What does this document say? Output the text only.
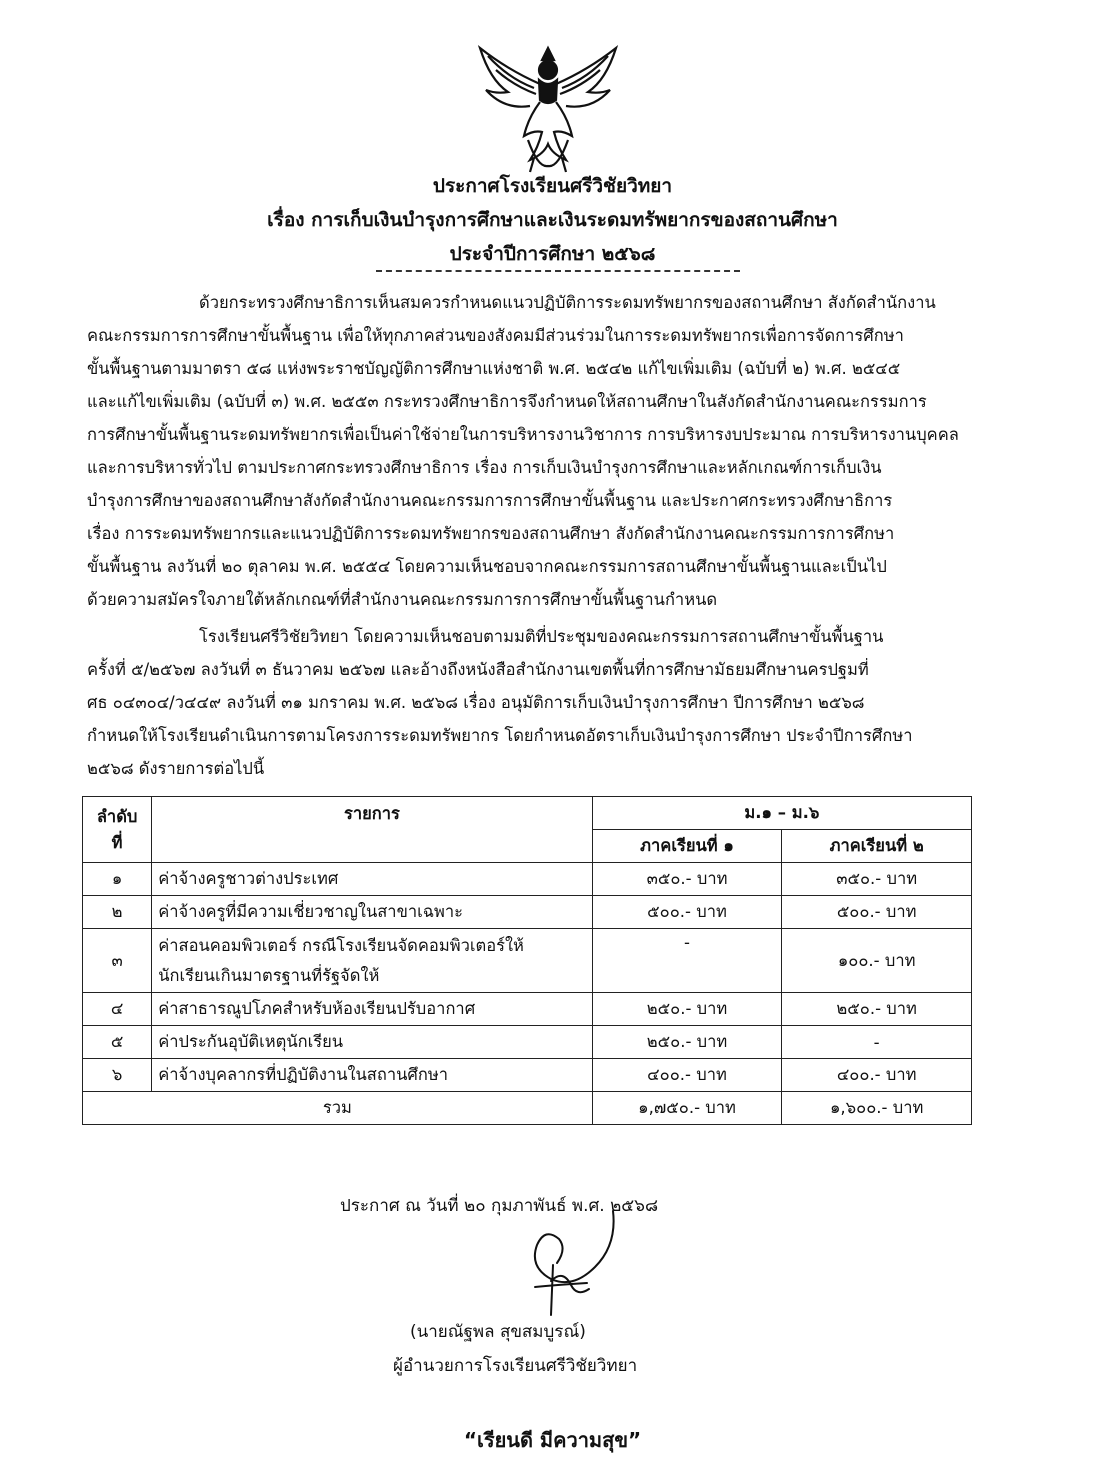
ประกาศโรงเรียนศรีวิชัยวิทยา
เรื่อง การเก็บเงินบำรุงการศึกษาและเงินระดมทรัพยากรของสถานศึกษา
ประจำปีการศึกษา ๒๕๖๘
ด้วยกระทรวงศึกษาธิการเห็นสมควรกำหนดแนวปฏิบัติการระดมทรัพยากรของสถานศึกษา สังกัดสำนักงาน
คณะกรรมการการศึกษาขั้นพื้นฐาน เพื่อให้ทุกภาคส่วนของสังคมมีส่วนร่วมในการระดมทรัพยากรเพื่อการจัดการศึกษา
ขั้นพื้นฐานตามมาตรา ๕๘ แห่งพระราชบัญญัติการศึกษาแห่งชาติ พ.ศ. ๒๕๔๒ แก้ไขเพิ่มเติม (ฉบับที่ ๒) พ.ศ. ๒๕๔๕
และแก้ไขเพิ่มเติม (ฉบับที่ ๓) พ.ศ. ๒๕๕๓ กระทรวงศึกษาธิการจึงกำหนดให้สถานศึกษาในสังกัดสำนักงานคณะกรรมการ
การศึกษาขั้นพื้นฐานระดมทรัพยากรเพื่อเป็นค่าใช้จ่ายในการบริหารงานวิชาการ การบริหารงบประมาณ การบริหารงานบุคคล
และการบริหารทั่วไป ตามประกาศกระทรวงศึกษาธิการ เรื่อง การเก็บเงินบำรุงการศึกษาและหลักเกณฑ์การเก็บเงิน
บำรุงการศึกษาของสถานศึกษาสังกัดสำนักงานคณะกรรมการการศึกษาขั้นพื้นฐาน และประกาศกระทรวงศึกษาธิการ
เรื่อง การระดมทรัพยากรและแนวปฏิบัติการระดมทรัพยากรของสถานศึกษา สังกัดสำนักงานคณะกรรมการการศึกษา
ขั้นพื้นฐาน ลงวันที่ ๒๐ ตุลาคม พ.ศ. ๒๕๕๔ โดยความเห็นชอบจากคณะกรรมการสถานศึกษาขั้นพื้นฐานและเป็นไป
ด้วยความสมัครใจภายใต้หลักเกณฑ์ที่สำนักงานคณะกรรมการการศึกษาขั้นพื้นฐานกำหนด
โรงเรียนศรีวิชัยวิทยา โดยความเห็นชอบตามมติที่ประชุมของคณะกรรมการสถานศึกษาขั้นพื้นฐาน
ครั้งที่ ๕/๒๕๖๗ ลงวันที่ ๓ ธันวาคม ๒๕๖๗ และอ้างถึงหนังสือสำนักงานเขตพื้นที่การศึกษามัธยมศึกษานครปฐมที่
ศธ ๐๔๓๐๔/ว๔๔๙ ลงวันที่ ๓๑ มกราคม พ.ศ. ๒๕๖๘ เรื่อง อนุมัติการเก็บเงินบำรุงการศึกษา ปีการศึกษา ๒๕๖๘
กำหนดให้โรงเรียนดำเนินการตามโครงการระดมทรัพยากร โดยกำหนดอัตราเก็บเงินบำรุงการศึกษา ประจำปีการศึกษา
๒๕๖๘ ดังรายการต่อไปนี้
ลำดับ
ที่	รายการ	ม.๑ – ม.๖	
		ภาคเรียนที่ ๑	ภาคเรียนที่ ๒
๑	ค่าจ้างครูชาวต่างประเทศ	๓๕๐.- บาท	๓๕๐.- บาท
๒	ค่าจ้างครูที่มีความเชี่ยวชาญในสาขาเฉพาะ	๕๐๐.- บาท	๕๐๐.- บาท
๓	ค่าสอนคอมพิวเตอร์ กรณีโรงเรียนจัดคอมพิวเตอร์ให้
นักเรียนเกินมาตรฐานที่รัฐจัดให้	-	๑๐๐.- บาท
๔	ค่าสาธารณูปโภคสำหรับห้องเรียนปรับอากาศ	๒๕๐.- บาท	๒๕๐.- บาท
๕	ค่าประกันอุบัติเหตุนักเรียน	๒๕๐.- บาท	-
๖	ค่าจ้างบุคลากรที่ปฏิบัติงานในสถานศึกษา	๔๐๐.- บาท	๔๐๐.- บาท
รวม		๑,๗๕๐.- บาท	๑,๖๐๐.- บาท
ประกาศ ณ วันที่ ๒๐ กุมภาพันธ์ พ.ศ. ๒๕๖๘
(นายณัฐพล สุขสมบูรณ์)
ผู้อำนวยการโรงเรียนศรีวิชัยวิทยา
“เรียนดี มีความสุข”
